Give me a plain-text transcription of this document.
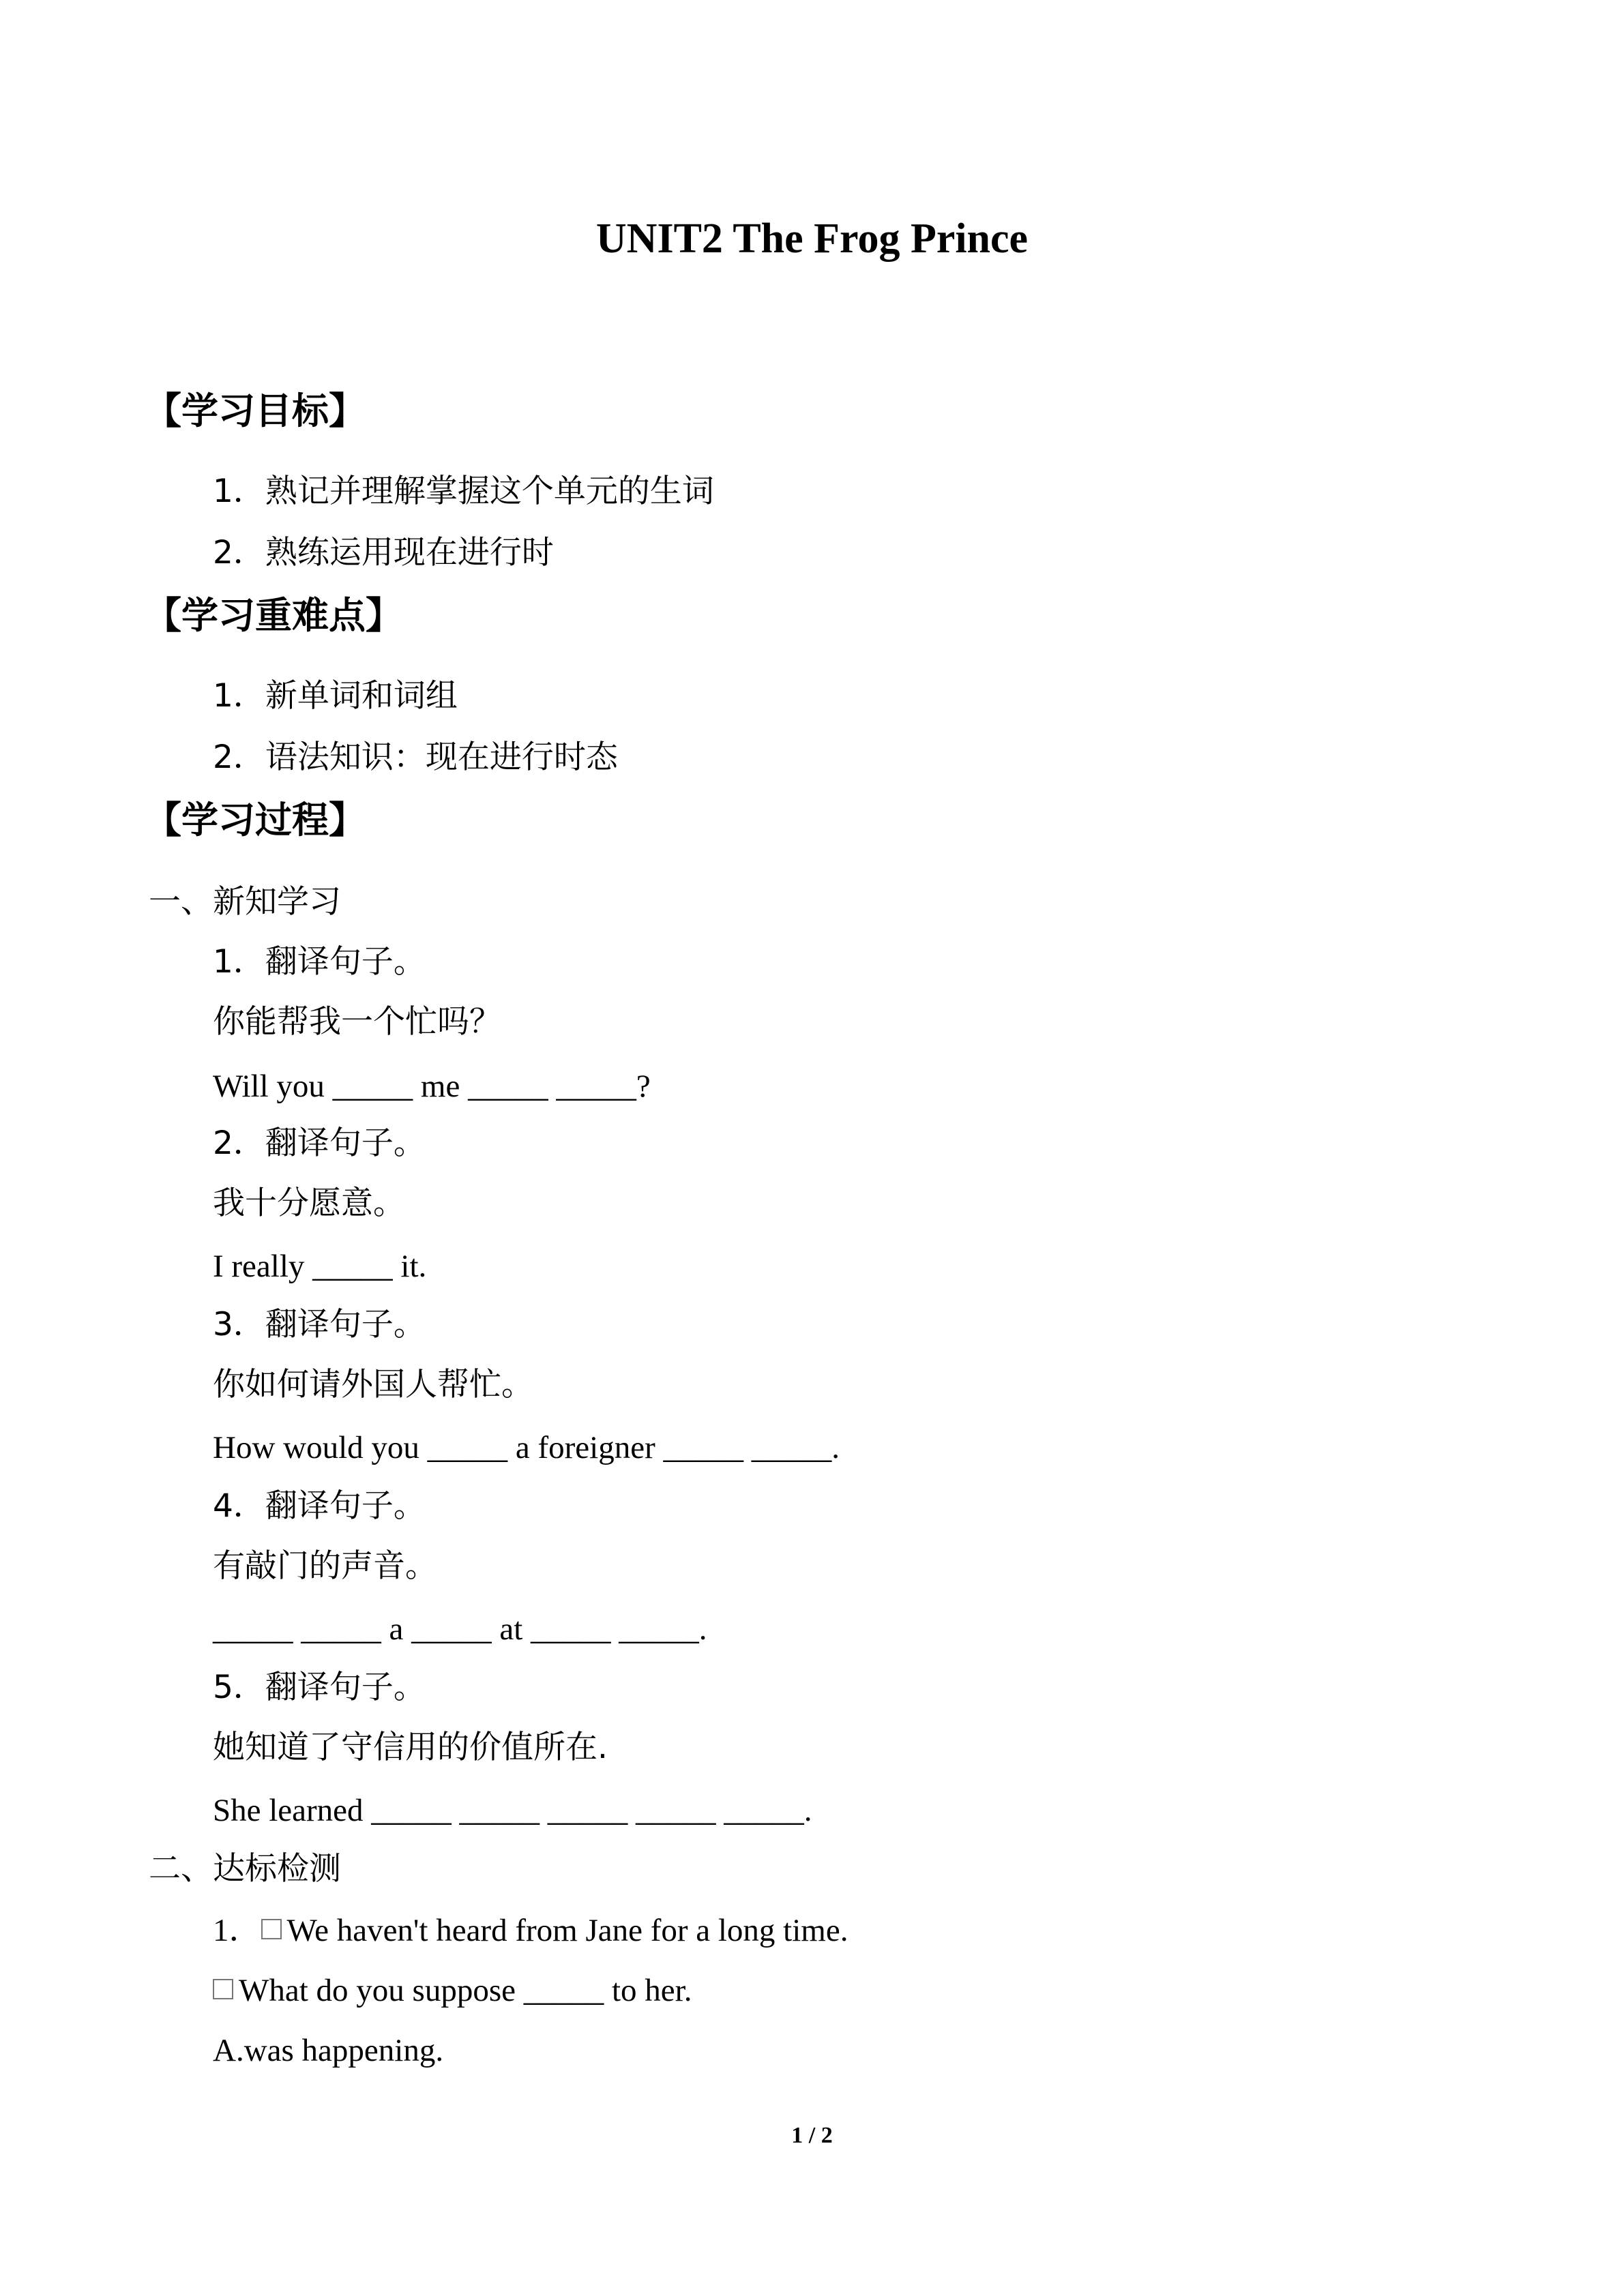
UNIT2 The Frog Prince
【学习目标】
1．熟记并理解掌握这个单元的生词
2．熟练运用现在进行时
【学习重难点】
1．新单词和词组
2．语法知识：现在进行时态
【学习过程】
一、新知学习
1．翻译句子。
你能帮我一个忙吗？
Will you _____ me _____ _____?
2．翻译句子。
我十分愿意。
I really _____ it.
3．翻译句子。
你如何请外国人帮忙。
How would you _____ a foreigner _____ _____.
4．翻译句子。
有敲门的声音。
_____ _____ a _____ at _____ _____.
5．翻译句子。
她知道了守信用的价值所在.
She learned _____ _____ _____ _____ _____.
二、达标检测
1． We haven't heard from Jane for a long time.
What do you suppose _____ to her.
A.was happening.
1 / 2
